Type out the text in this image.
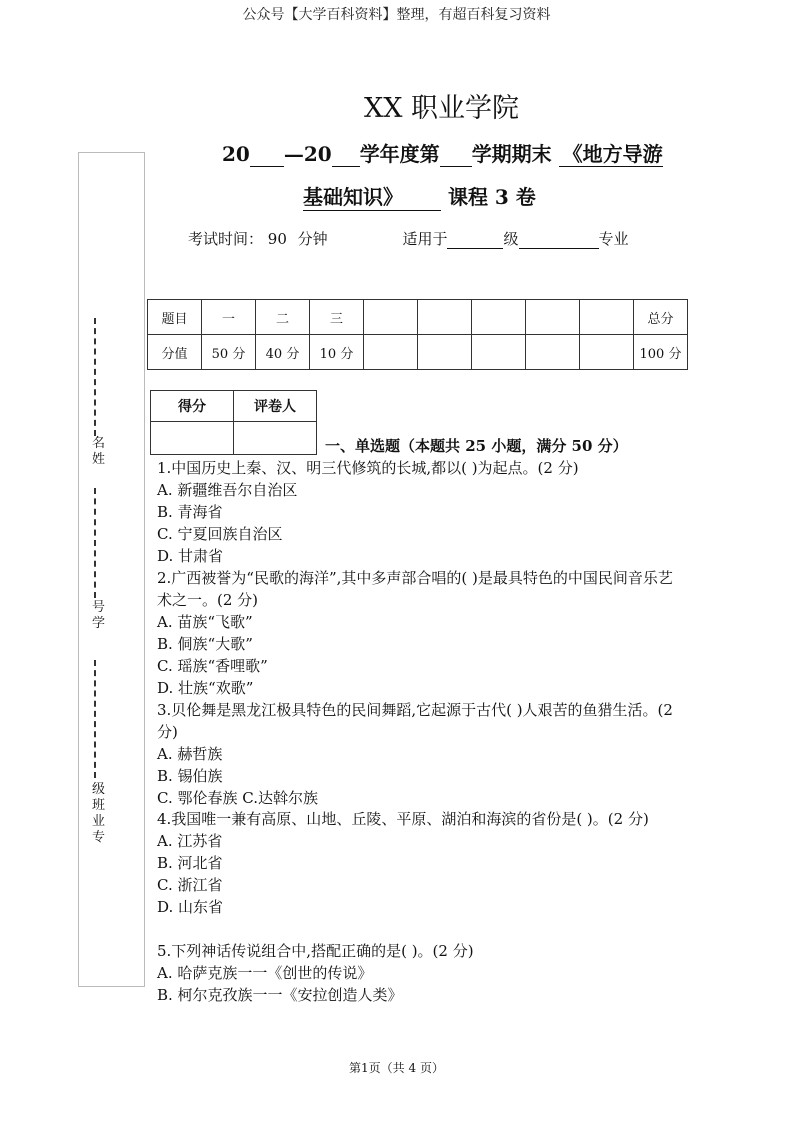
公众号【大学百科资料】整理，有超百科复习资料
XX 职业学院
20 —20 学年度第 学期期末 《地方导游
基础知识》 课程 3 卷
考试时间： 90 分钟	适用于	级	专业
名姓
号学
级班业专
题目	一	二	三						总分
分值	50 分	40 分	10 分						100 分
得分	评卷人

一、单选题（本题共 25 小题，满分 50 分）
1.中国历史上秦、汉、明三代修筑的长城,都以( )为起点。(2 分)
A. 新疆维吾尔自治区
B. 青海省
C. 宁夏回族自治区
D. 甘肃省
2.广西被誉为“民歌的海洋”,其中多声部合唱的( )是最具特色的中国民间音乐艺术之一。(2 分)
A. 苗族“飞歌”
B. 侗族“大歌”
C. 瑶族“香哩歌”
D. 壮族“欢歌”
3.贝伦舞是黑龙江极具特色的民间舞蹈,它起源于古代( )人艰苦的鱼猎生活。(2 分)
A. 赫哲族
B. 锡伯族
C. 鄂伦春族 C.达斡尔族
4.我国唯一兼有高原、山地、丘陵、平原、湖泊和海滨的省份是( )。(2 分)
A. 江苏省
B. 河北省
C. 浙江省
D. 山东省
5.下列神话传说组合中,搭配正确的是( )。(2 分)
A. 哈萨克族一一《创世的传说》
B. 柯尔克孜族一一《安拉创造人类》
第1页（共 4 页）
